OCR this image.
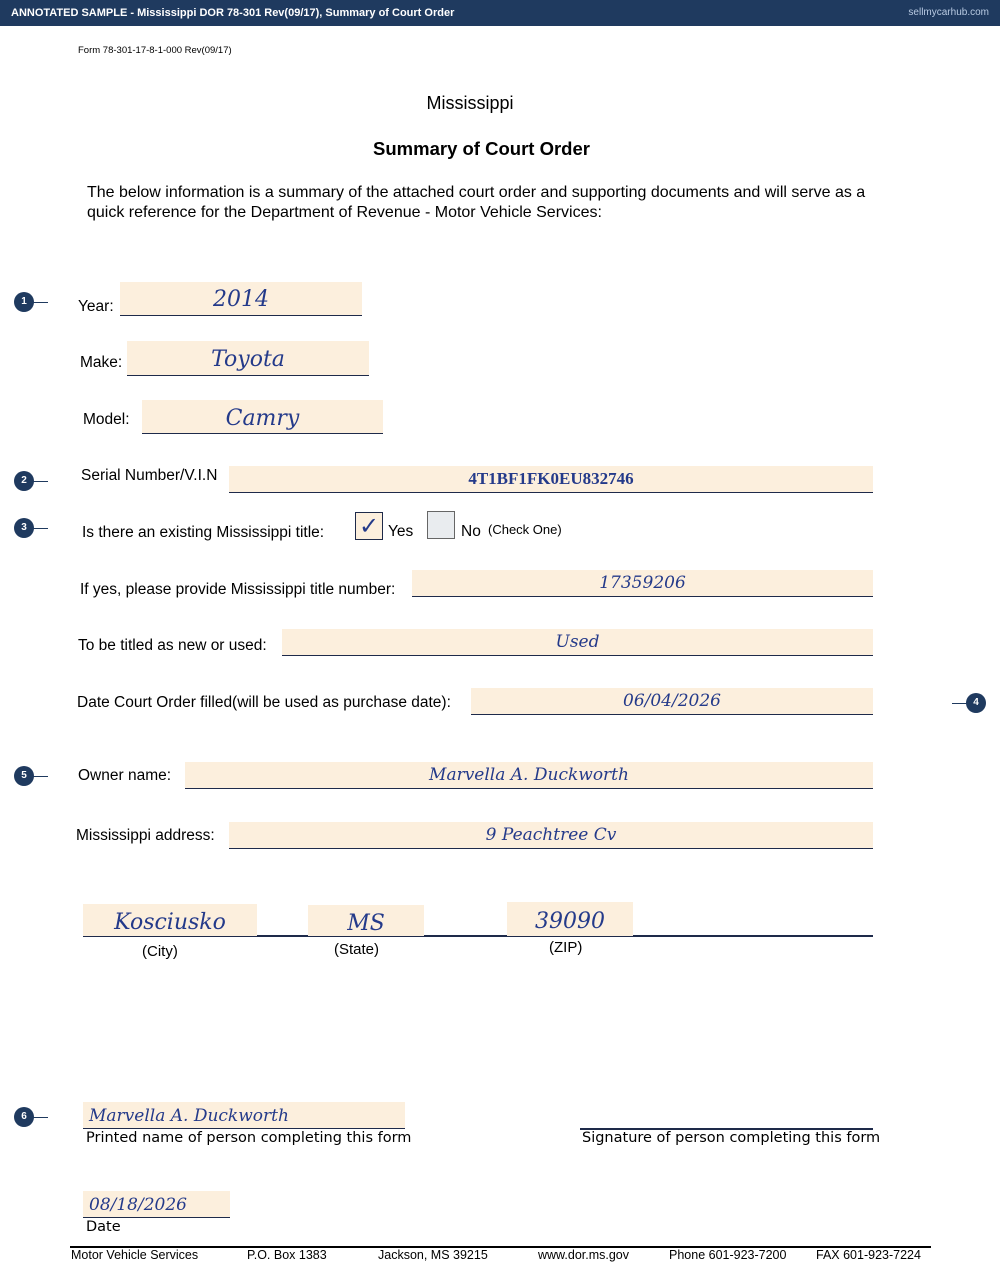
ANNOTATED SAMPLE - Mississippi DOR 78-301 Rev(09/17), Summary of Court Order	sellmycarhub.com
Form 78-301-17-8-1-000 Rev(09/17)
Mississippi
Summary of Court Order
The below information is a summary of the attached court order and supporting documents and will serve as a quick reference for the Department of Revenue - Motor Vehicle Services:
1
2
3
4
5
6
Year:	2014
Make:	Toyota
Model:	Camry
Serial Number/V.I.N	4T1BF1FK0EU832746
Is there an existing Mississippi title: ✓ Yes	No (Check One)
If yes, please provide Mississippi title number:	17359206
To be titled as new or used:	Used
Date Court Order filled(will be used as purchase date):	06/04/2026
Owner name:	Marvella A. Duckworth
Mississippi address:	9 Peachtree Cv
Kosciusko	MS	39090
(City)	(State)	(ZIP)
Marvella A. Duckworth
Printed name of person completing this form	Signature of person completing this form
08/18/2026
Date
Motor Vehicle Services	P.O. Box 1383	Jackson, MS 39215	www.dor.ms.gov	Phone 601-923-7200 FAX 601-923-7224
